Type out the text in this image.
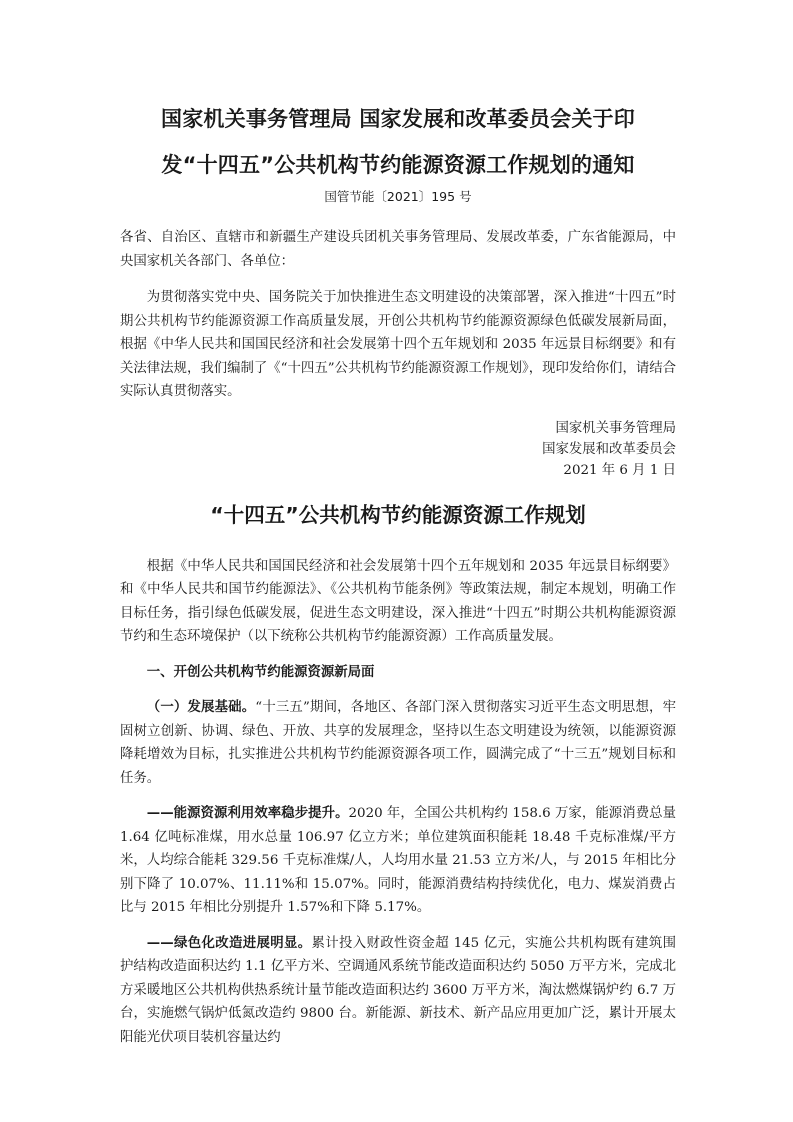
国家机关事务管理局 国家发展和改革委员会关于印
发“十四五”公共机构节约能源资源工作规划的通知
国管节能〔2021〕195 号

各省、自治区、直辖市和新疆生产建设兵团机关事务管理局、发展改革委，广东省能源局，中央国家机关各部门、各单位：

为贯彻落实党中央、国务院关于加快推进生态文明建设的决策部署，深入推进“十四五”时期公共机构节约能源资源工作高质量发展，开创公共机构节约能源资源绿色低碳发展新局面，根据《中华人民共和国国民经济和社会发展第十四个五年规划和 2035 年远景目标纲要》和有关法律法规，我们编制了《“十四五”公共机构节约能源资源工作规划》，现印发给你们，请结合实际认真贯彻落实。

国家机关事务管理局
国家发展和改革委员会
2021 年 6 月 1 日
“十四五”公共机构节约能源资源工作规划

根据《中华人民共和国国民经济和社会发展第十四个五年规划和 2035 年远景目标纲要》和《中华人民共和国节约能源法》、《公共机构节能条例》等政策法规，制定本规划，明确工作目标任务，指引绿色低碳发展，促进生态文明建设，深入推进“十四五”时期公共机构能源资源节约和生态环境保护（以下统称公共机构节约能源资源）工作高质量发展。

一、开创公共机构节约能源资源新局面

（一）发展基础。“十三五”期间，各地区、各部门深入贯彻落实习近平生态文明思想，牢固树立创新、协调、绿色、开放、共享的发展理念，坚持以生态文明建设为统领，以能源资源降耗增效为目标，扎实推进公共机构节约能源资源各项工作，圆满完成了“十三五”规划目标和任务。

——能源资源利用效率稳步提升。2020 年，全国公共机构约 158.6 万家，能源消费总量 1.64 亿吨标准煤，用水总量 106.97 亿立方米；单位建筑面积能耗 18.48 千克标准煤/平方米，人均综合能耗 329.56 千克标准煤/人，人均用水量 21.53 立方米/人，与 2015 年相比分别下降了 10.07%、11.11%和 15.07%。同时，能源消费结构持续优化，电力、煤炭消费占比与 2015 年相比分别提升 1.57%和下降 5.17%。

——绿色化改造进展明显。累计投入财政性资金超 145 亿元，实施公共机构既有建筑围护结构改造面积达约 1.1 亿平方米、空调通风系统节能改造面积达约 5050 万平方米，完成北方采暖地区公共机构供热系统计量节能改造面积达约 3600 万平方米，淘汰燃煤锅炉约 6.7 万台，实施燃气锅炉低氮改造约 9800 台。新能源、新技术、新产品应用更加广泛，累计开展太阳能光伏项目装机容量达约
